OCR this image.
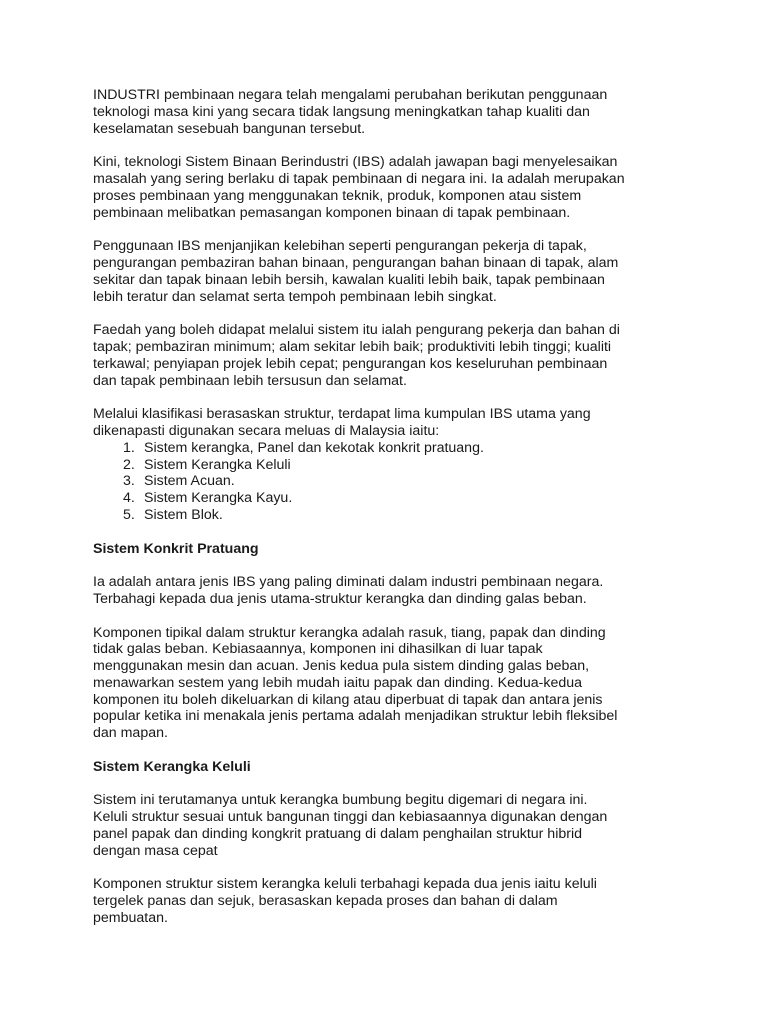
INDUSTRI pembinaan negara telah mengalami perubahan berikutan penggunaan
teknologi masa kini yang secara tidak langsung meningkatkan tahap kualiti dan
keselamatan sesebuah bangunan tersebut.

Kini, teknologi Sistem Binaan Berindustri (IBS) adalah jawapan bagi menyelesaikan
masalah yang sering berlaku di tapak pembinaan di negara ini. Ia adalah merupakan
proses pembinaan yang menggunakan teknik, produk, komponen atau sistem
pembinaan melibatkan pemasangan komponen binaan di tapak pembinaan.

Penggunaan IBS menjanjikan kelebihan seperti pengurangan pekerja di tapak,
pengurangan pembaziran bahan binaan, pengurangan bahan binaan di tapak, alam
sekitar dan tapak binaan lebih bersih, kawalan kualiti lebih baik, tapak pembinaan
lebih teratur dan selamat serta tempoh pembinaan lebih singkat.

Faedah yang boleh didapat melalui sistem itu ialah pengurang pekerja dan bahan di
tapak; pembaziran minimum; alam sekitar lebih baik; produktiviti lebih tinggi; kualiti
terkawal; penyiapan projek lebih cepat; pengurangan kos keseluruhan pembinaan
dan tapak pembinaan lebih tersusun dan selamat.

Melalui klasifikasi berasaskan struktur, terdapat lima kumpulan IBS utama yang
dikenapasti digunakan secara meluas di Malaysia iaitu:

1. Sistem kerangka, Panel dan kekotak konkrit pratuang.
2. Sistem Kerangka Keluli
3. Sistem Acuan.
4. Sistem Kerangka Kayu.
5. Sistem Blok.

Sistem Konkrit Pratuang

Ia adalah antara jenis IBS yang paling diminati dalam industri pembinaan negara.
Terbahagi kepada dua jenis utama-struktur kerangka dan dinding galas beban.

Komponen tipikal dalam struktur kerangka adalah rasuk, tiang, papak dan dinding
tidak galas beban. Kebiasaannya, komponen ini dihasilkan di luar tapak
menggunakan mesin dan acuan. Jenis kedua pula sistem dinding galas beban,
menawarkan sestem yang lebih mudah iaitu papak dan dinding. Kedua-kedua
komponen itu boleh dikeluarkan di kilang atau diperbuat di tapak dan antara jenis
popular ketika ini menakala jenis pertama adalah menjadikan struktur lebih fleksibel
dan mapan.

Sistem Kerangka Keluli

Sistem ini terutamanya untuk kerangka bumbung begitu digemari di negara ini.
Keluli struktur sesuai untuk bangunan tinggi dan kebiasaannya digunakan dengan
panel papak dan dinding kongkrit pratuang di dalam penghailan struktur hibrid
dengan masa cepat

Komponen struktur sistem kerangka keluli terbahagi kepada dua jenis iaitu keluli
tergelek panas dan sejuk, berasaskan kepada proses dan bahan di dalam
pembuatan.
